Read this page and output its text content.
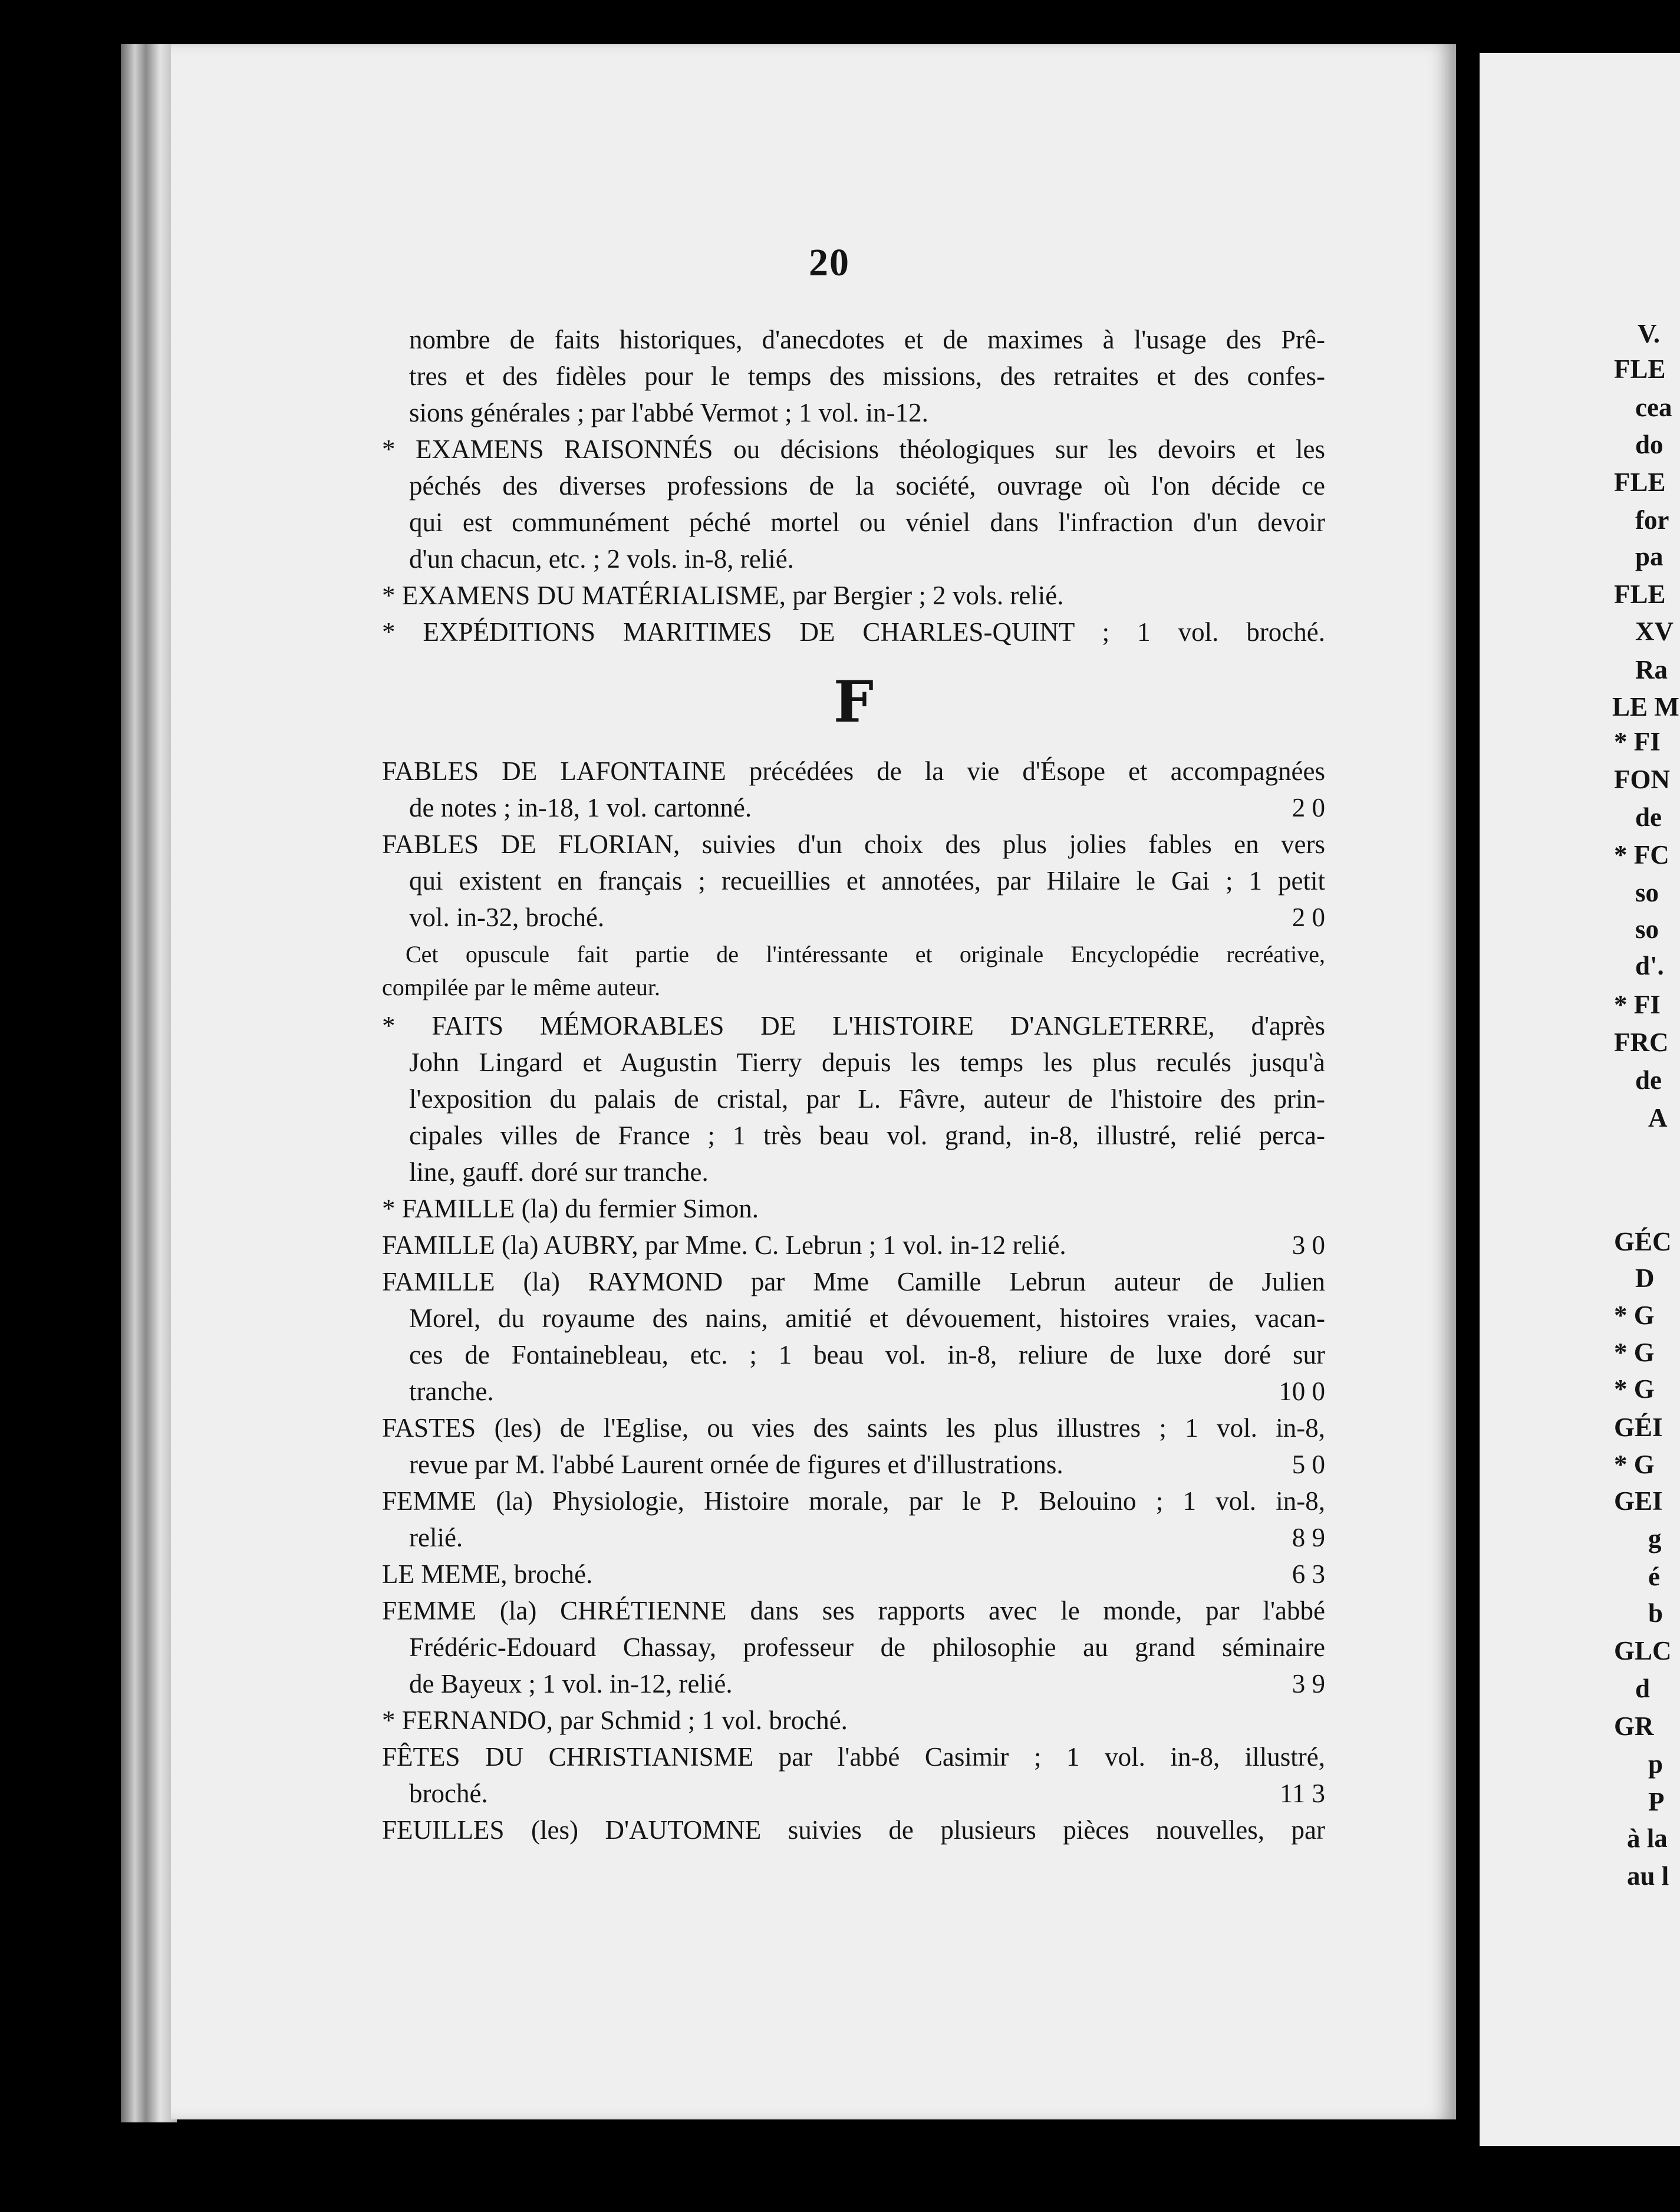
20
nombre de faits historiques, d'anecdotes et de maximes à l'usage des Prê-
tres et des fidèles pour le temps des missions, des retraites et des confes-
sions générales ; par l'abbé Vermot ; 1 vol. in-12.
* EXAMENS RAISONNÉS ou décisions théologiques sur les devoirs et les
péchés des diverses professions de la société, ouvrage où l'on décide ce
qui est communément péché mortel ou véniel dans l'infraction d'un devoir
d'un chacun, etc. ; 2 vols. in-8, relié.
* EXAMENS DU MATÉRIALISME, par Bergier ; 2 vols. relié.
* EXPÉDITIONS MARITIMES DE CHARLES-QUINT ; 1 vol. broché.
F
FABLES DE LAFONTAINE précédées de la vie d'Ésope et accompagnées
de notes ; in-18, 1 vol. cartonné.	2 0
FABLES DE FLORIAN, suivies d'un choix des plus jolies fables en vers
qui existent en français ; recueillies et annotées, par Hilaire le Gai ; 1 petit
vol. in-32, broché.	2 0
Cet opuscule fait partie de l'intéressante et originale Encyclopédie recréative,
compilée par le même auteur.
* FAITS MÉMORABLES DE L'HISTOIRE D'ANGLETERRE, d'après
John Lingard et Augustin Tierry depuis les temps les plus reculés jusqu'à
l'exposition du palais de cristal, par L. Fâvre, auteur de l'histoire des prin-
cipales villes de France ; 1 très beau vol. grand, in-8, illustré, relié perca-
line, gauff. doré sur tranche.
* FAMILLE (la) du fermier Simon.
FAMILLE (la) AUBRY, par Mme. C. Lebrun ; 1 vol. in-12 relié.	3 0
FAMILLE (la) RAYMOND par Mme Camille Lebrun auteur de Julien
Morel, du royaume des nains, amitié et dévouement, histoires vraies, vacan-
ces de Fontainebleau, etc. ; 1 beau vol. in-8, reliure de luxe doré sur
tranche.	10 0
FASTES (les) de l'Eglise, ou vies des saints les plus illustres ; 1 vol. in-8,
revue par M. l'abbé Laurent ornée de figures et d'illustrations.	5 0
FEMME (la) Physiologie, Histoire morale, par le P. Belouino ; 1 vol. in-8,
relié.	8 9
LE MEME, broché.	6 3
FEMME (la) CHRÉTIENNE dans ses rapports avec le monde, par l'abbé
Frédéric-Edouard Chassay, professeur de philosophie au grand séminaire
de Bayeux ; 1 vol. in-12, relié.	3 9
* FERNANDO, par Schmid ; 1 vol. broché.
FÊTES DU CHRISTIANISME par l'abbé Casimir ; 1 vol. in-8, illustré,
broché.	11 3
FEUILLES (les) D'AUTOMNE suivies de plusieurs pièces nouvelles, par
V.
FLE
cea
do
FLE
for
pa
FLE
XV
Ra
LE M
* FI
FON
de
* FC
so
so
d'.
* FI
FRC
de
A
GÉC
D
* G
* G
* G
GÉI
* G
GEI
g
é
b
GLC
d
GR
p
P
à la
au l
